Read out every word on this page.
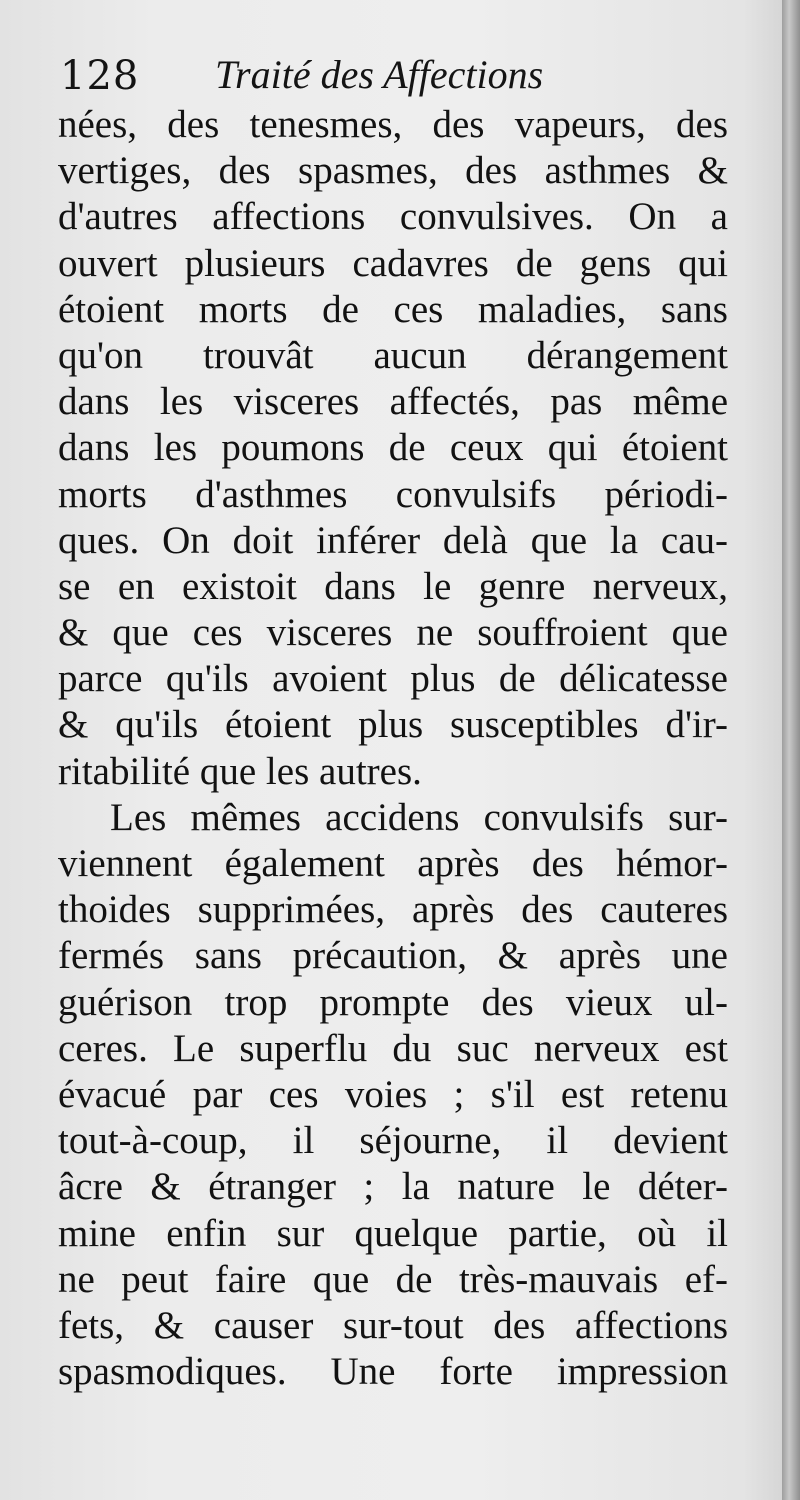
128 Traité des Affections
nées, des tenesmes, des vapeurs, des
vertiges, des spasmes, des asthmes &
d'autres affections convulsives. On a
ouvert plusieurs cadavres de gens qui
étoient morts de ces maladies, sans
qu'on trouvât aucun dérangement
dans les visceres affectés, pas même
dans les poumons de ceux qui étoient
morts d'asthmes convulsifs périodi-
ques. On doit inférer delà que la cau-
se en existoit dans le genre nerveux,
& que ces visceres ne souffroient que
parce qu'ils avoient plus de délicatesse
& qu'ils étoient plus susceptibles d'ir-
ritabilité que les autres.
Les mêmes accidens convulsifs sur-
viennent également après des hémor-
thoides supprimées, après des cauteres
fermés sans précaution, & après une
guérison trop prompte des vieux ul-
ceres. Le superflu du suc nerveux est
évacué par ces voies ; s'il est retenu
tout-à-coup, il séjourne, il devient
âcre & étranger ; la nature le déter-
mine enfin sur quelque partie, où il
ne peut faire que de très-mauvais ef-
fets, & causer sur-tout des affections
spasmodiques. Une forte impression
